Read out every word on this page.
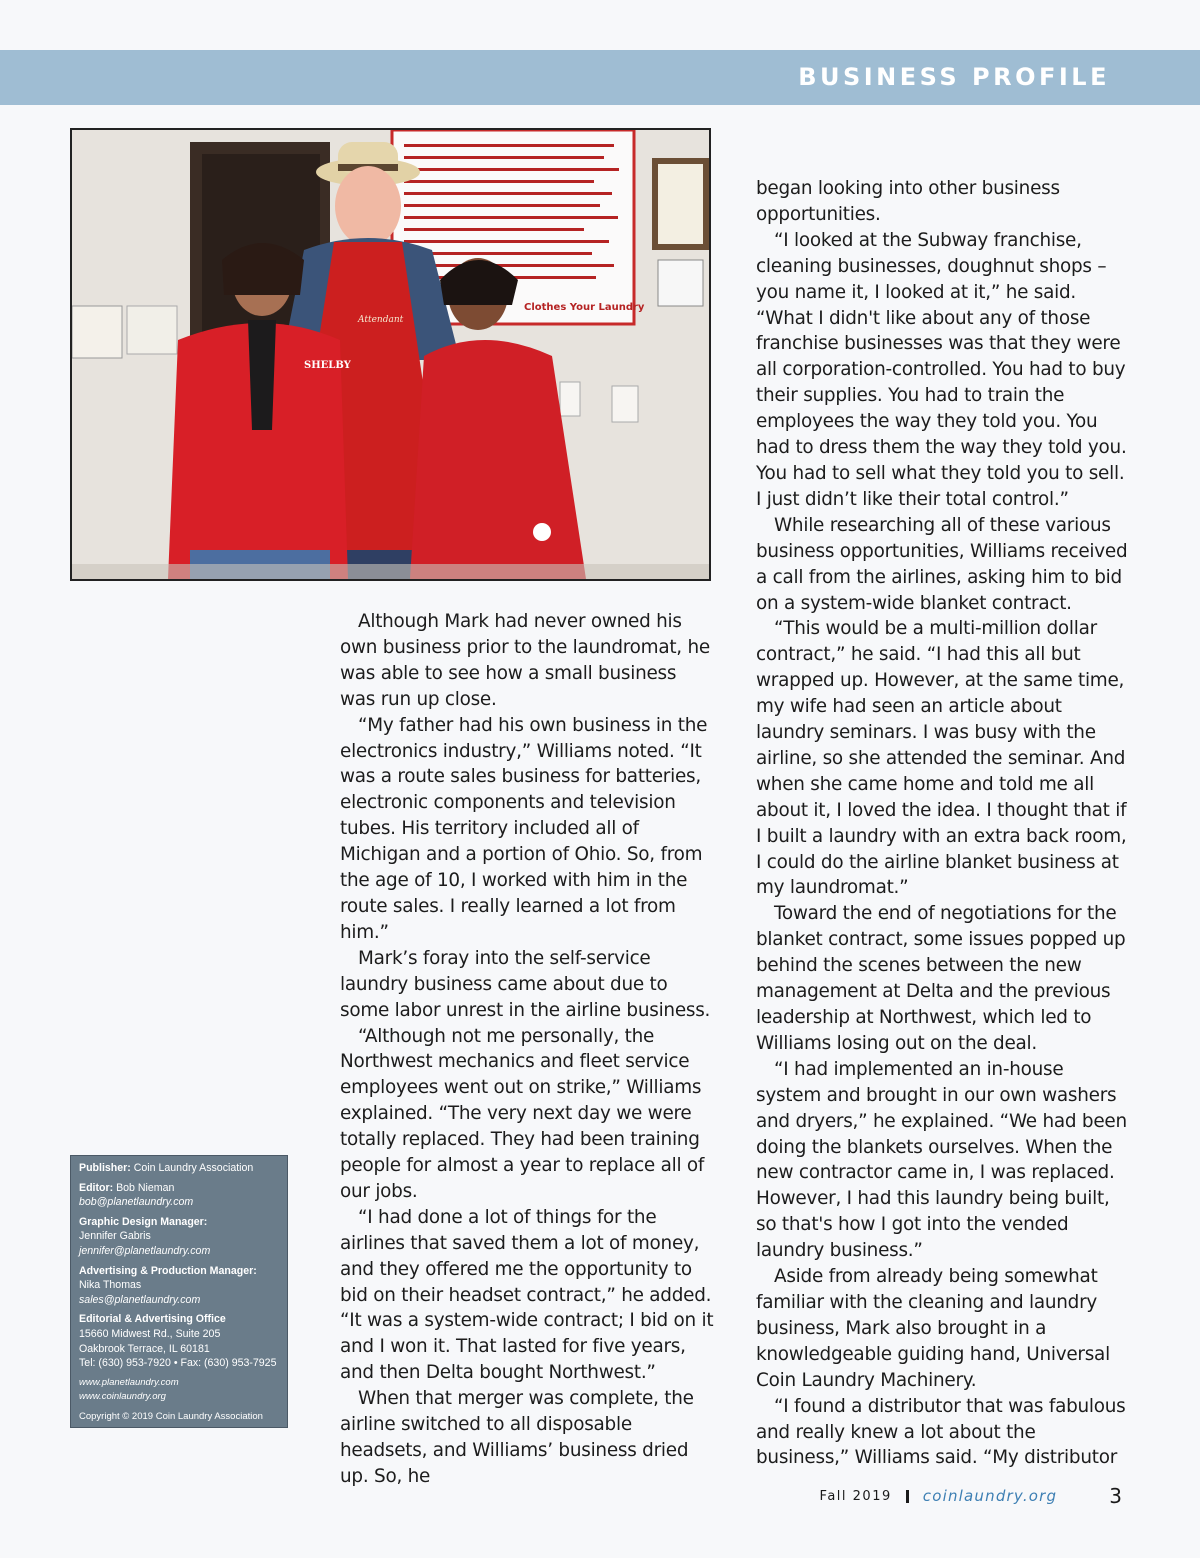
BUSINESS PROFILE
Clothes Your Laundry
Attendant
SHELBY

Although Mark had never owned his own business prior to the laundromat, he was able to see how a small business was run up close.

“My father had his own business in the electronics industry,” Williams noted. “It was a route sales business for batteries, electronic components and television tubes. His territory included all of Michigan and a portion of Ohio. So, from the age of 10, I worked with him in the route sales. I really learned a lot from him.”

Mark’s foray into the self-service laundry business came about due to some labor unrest in the airline business.

“Although not me personally, the Northwest mechanics and fleet service employees went out on strike,” Williams explained. “The very next day we were totally replaced. They had been training people for almost a year to replace all of our jobs.

“I had done a lot of things for the airlines that saved them a lot of money, and they offered me the opportunity to bid on their headset contract,” he added. “It was a system-wide contract; I bid on it and I won it. That lasted for five years, and then Delta bought Northwest.”

When that merger was complete, the airline switched to all disposable headsets, and Williams’ business dried up. So, he

began looking into other business opportunities.

“I looked at the Subway franchise, cleaning businesses, doughnut shops – you name it, I looked at it,” he said. “What I didn't like about any of those franchise businesses was that they were all corporation-controlled. You had to buy their supplies. You had to train the employees the way they told you. You had to dress them the way they told you. You had to sell what they told you to sell. I just didn’t like their total control.”

While researching all of these various business opportunities, Williams received a call from the airlines, asking him to bid on a system-wide blanket contract.

“This would be a multi-million dollar contract,” he said. “I had this all but wrapped up. However, at the same time, my wife had seen an article about laundry seminars. I was busy with the airline, so she attended the seminar. And when she came home and told me all about it, I loved the idea. I thought that if I built a laundry with an extra back room, I could do the airline blanket business at my laundromat.”

Toward the end of negotiations for the blanket contract, some issues popped up behind the scenes between the new management at Delta and the previous leadership at Northwest, which led to Williams losing out on the deal.

“I had implemented an in-house system and brought in our own washers and dryers,” he explained. “We had been doing the blankets ourselves. When the new contractor came in, I was replaced. However, I had this laundry being built, so that's how I got into the vended laundry business.”

Aside from already being somewhat familiar with the cleaning and laundry business, Mark also brought in a knowledgeable guiding hand, Universal Coin Laundry Machinery.

“I found a distributor that was fabulous and really knew a lot about the business,” Williams said. “My distributor

Publisher: Coin Laundry Association
Editor: Bob Nieman
bob@planetlaundry.com
Graphic Design Manager:
Jennifer Gabris
jennifer@planetlaundry.com
Advertising & Production Manager:
Nika Thomas
sales@planetlaundry.com
Editorial & Advertising Office
15660 Midwest Rd., Suite 205
Oakbrook Terrace, IL 60181
Tel: (630) 953-7920 • Fax: (630) 953-7925
www.planetlaundry.com
www.coinlaundry.org
Copyright © 2019 Coin Laundry Association
Fall 2019 coinlaundry.org	3
